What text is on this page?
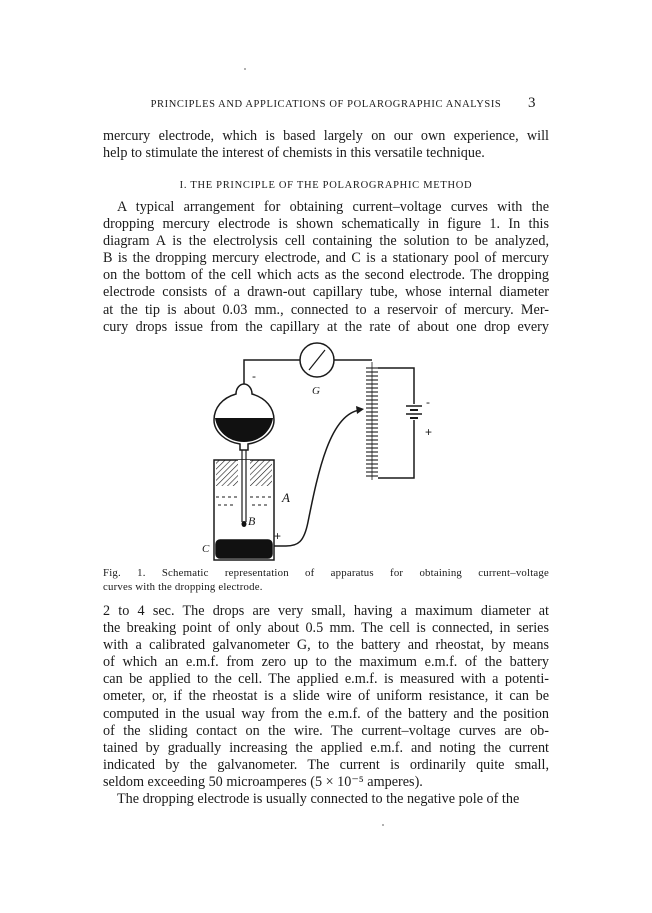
PRINCIPLES AND APPLICATIONS OF POLAROGRAPHIC ANALYSIS	3
mercury electrode, which is based largely on our own experience, will
help to stimulate the interest of chemists in this versatile technique.
I. THE PRINCIPLE OF THE POLAROGRAPHIC METHOD
A typical arrangement for obtaining current–voltage curves with the
dropping mercury electrode is shown schematically in figure 1. In this
diagram A is the electrolysis cell containing the solution to be analyzed,
B is the dropping mercury electrode, and C is a stationary pool of mercury
on the bottom of the cell which acts as the second electrode. The dropping
electrode consists of a drawn-out capillary tube, whose internal diameter
at the tip is about 0.03 mm., connected to a reservoir of mercury. Mer-
cury drops issue from the capillary at the rate of about one drop every
G
A
B
C
-
-
+
+
Fig. 1. Schematic representation of apparatus for obtaining current–voltage
curves with the dropping electrode.
2 to 4 sec. The drops are very small, having a maximum diameter at
the breaking point of only about 0.5 mm. The cell is connected, in series
with a calibrated galvanometer G, to the battery and rheostat, by means
of which an e.m.f. from zero up to the maximum e.m.f. of the battery
can be applied to the cell. The applied e.m.f. is measured with a potenti-
ometer, or, if the rheostat is a slide wire of uniform resistance, it can be
computed in the usual way from the e.m.f. of the battery and the position
of the sliding contact on the wire. The current–voltage curves are ob-
tained by gradually increasing the applied e.m.f. and noting the current
indicated by the galvanometer. The current is ordinarily quite small,
seldom exceeding 50 microamperes (5 × 10⁻⁵ amperes).
The dropping electrode is usually connected to the negative pole of the
